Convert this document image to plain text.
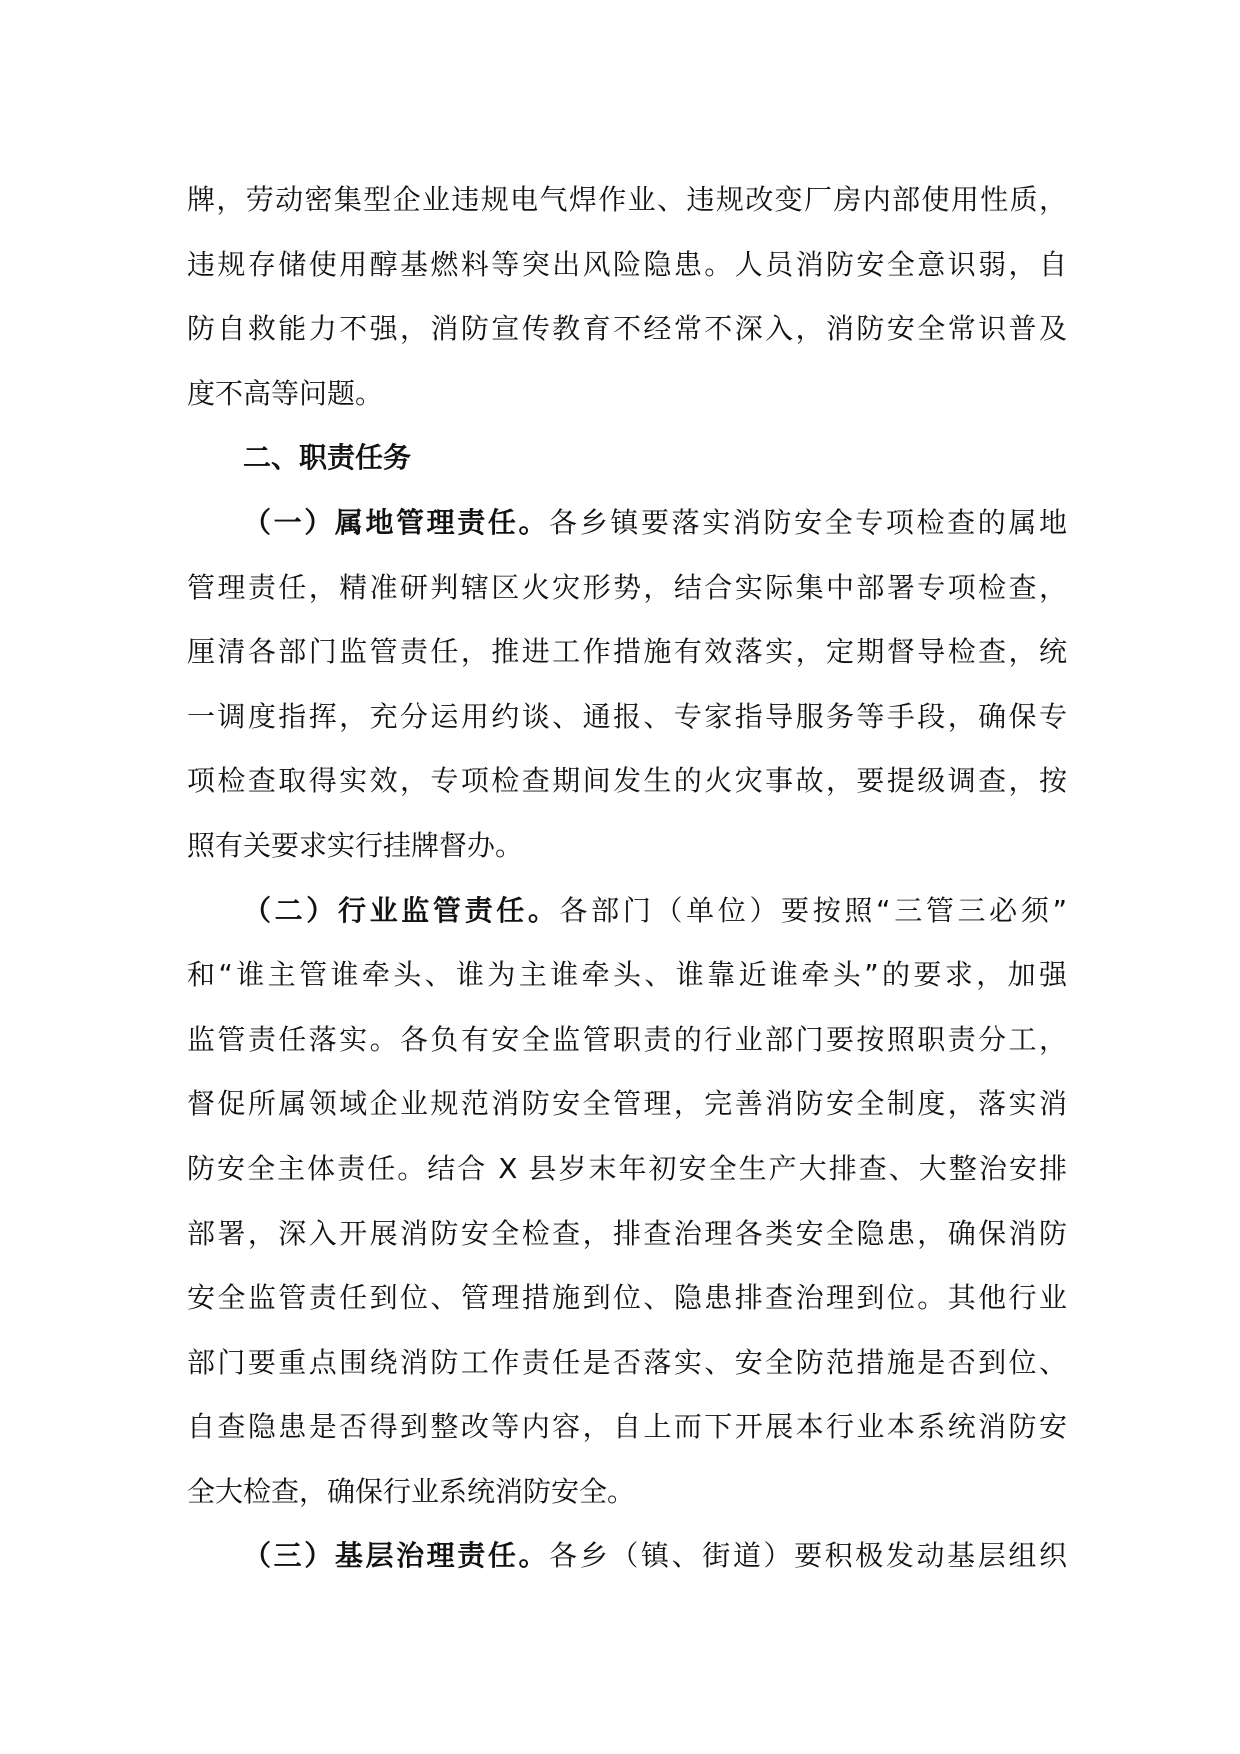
牌，劳动密集型企业违规电气焊作业、违规改变厂房内部使用性质，
违规存储使用醇基燃料等突出风险隐患。人员消防安全意识弱，自
防自救能力不强，消防宣传教育不经常不深入，消防安全常识普及
度不高等问题。
二、职责任务
（一）属地管理责任。各乡镇要落实消防安全专项检查的属地
管理责任，精准研判辖区火灾形势，结合实际集中部署专项检查，
厘清各部门监管责任，推进工作措施有效落实，定期督导检查，统
一调度指挥，充分运用约谈、通报、专家指导服务等手段，确保专
项检查取得实效，专项检查期间发生的火灾事故，要提级调查，按
照有关要求实行挂牌督办。
（二）行业监管责任。各部门（单位）要按照“三管三必须”
和“谁主管谁牵头、谁为主谁牵头、谁靠近谁牵头”的要求，加强
监管责任落实。各负有安全监管职责的行业部门要按照职责分工，
督促所属领域企业规范消防安全管理，完善消防安全制度，落实消
防安全主体责任。结合 X 县岁末年初安全生产大排查、大整治安排
部署，深入开展消防安全检查，排查治理各类安全隐患，确保消防
安全监管责任到位、管理措施到位、隐患排查治理到位。其他行业
部门要重点围绕消防工作责任是否落实、安全防范措施是否到位、
自查隐患是否得到整改等内容，自上而下开展本行业本系统消防安
全大检查，确保行业系统消防安全。
（三）基层治理责任。各乡（镇、街道）要积极发动基层组织
